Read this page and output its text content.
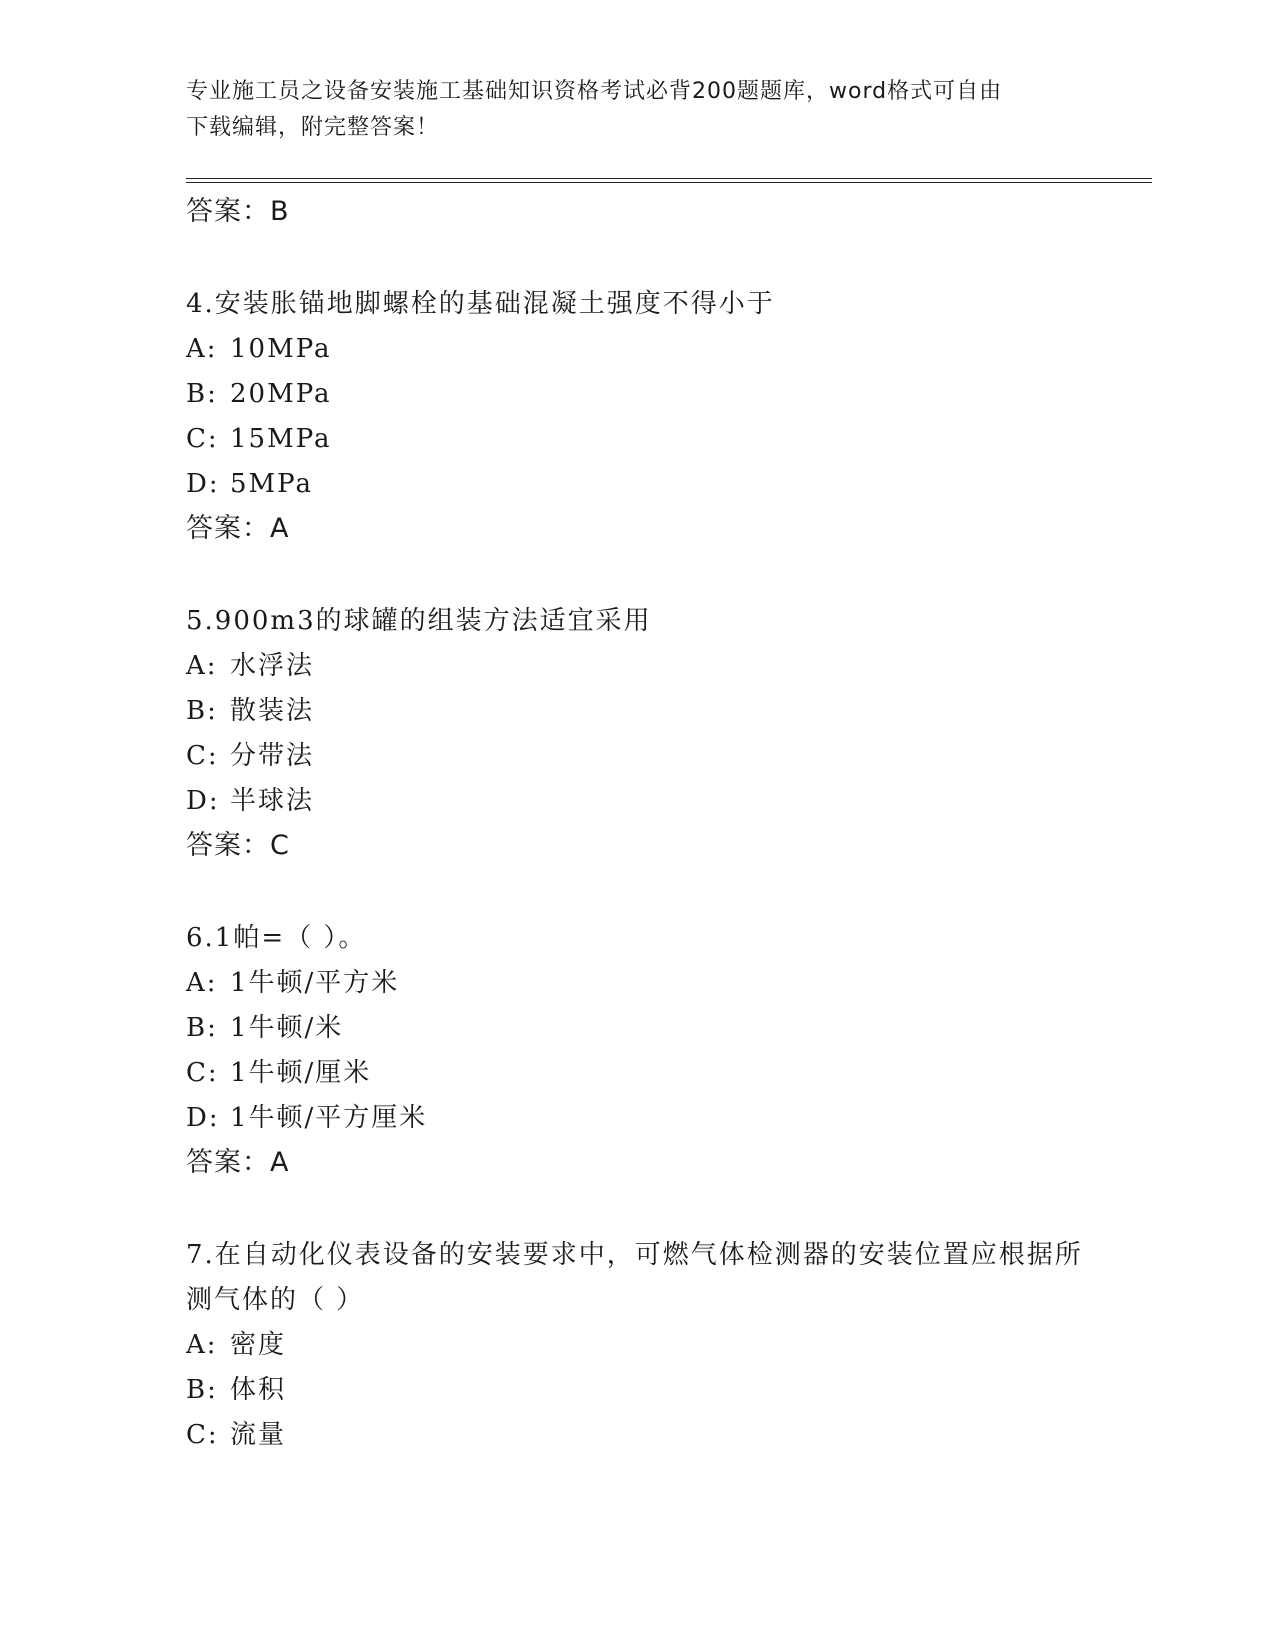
专业施工员之设备安装施工基础知识资格考试必背200题题库，word格式可自由
下载编辑，附完整答案！
答案：B
4.安装胀锚地脚螺栓的基础混凝土强度不得小于
A: 10MPa
B: 20MPa
C: 15MPa
D: 5MPa
答案：A
5.900m3的球罐的组装方法适宜采用
A: 水浮法
B: 散装法
C: 分带法
D: 半球法
答案：C
6.1帕=（ ）。
A: 1牛顿/平方米
B: 1牛顿/米
C: 1牛顿/厘米
D: 1牛顿/平方厘米
答案：A
7.在自动化仪表设备的安装要求中，可燃气体检测器的安装位置应根据所测气体的（ ）
A: 密度
B: 体积
C: 流量
